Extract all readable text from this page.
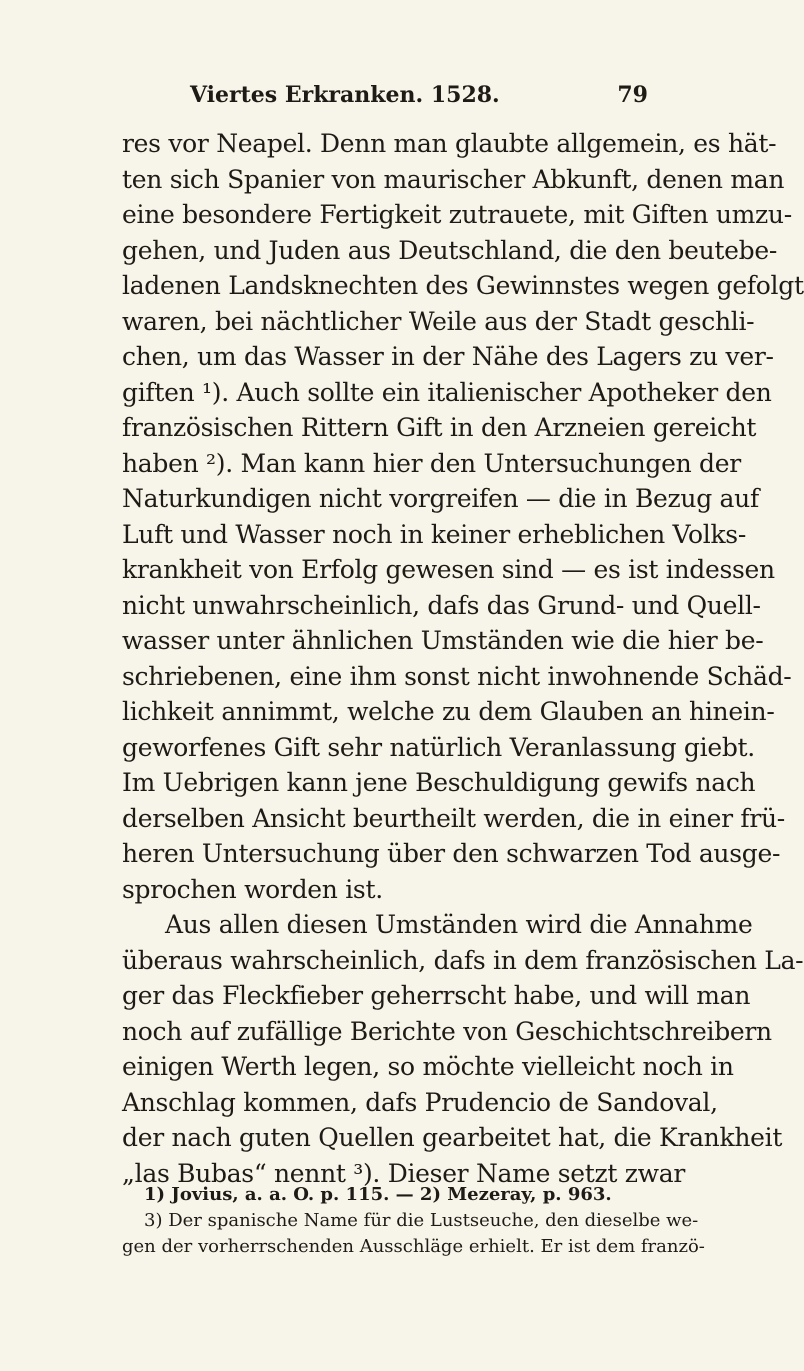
Viertes Erkranken. 1528.	79
res vor Neapel. Denn man glaubte allgemein, es hät-
ten sich Spanier von maurischer Abkunft, denen man
eine besondere Fertigkeit zutrauete, mit Giften umzu-
gehen, und Juden aus Deutschland, die den beutebe-
ladenen Landsknechten des Gewinnstes wegen gefolgt
waren, bei nächtlicher Weile aus der Stadt geschli-
chen, um das Wasser in der Nähe des Lagers zu ver-
giften ¹). Auch sollte ein italienischer Apotheker den
französischen Rittern Gift in den Arzneien gereicht
haben ²). Man kann hier den Untersuchungen der
Naturkundigen nicht vorgreifen — die in Bezug auf
Luft und Wasser noch in keiner erheblichen Volks-
krankheit von Erfolg gewesen sind — es ist indessen
nicht unwahrscheinlich, dafs das Grund- und Quell-
wasser unter ähnlichen Umständen wie die hier be-
schriebenen, eine ihm sonst nicht inwohnende Schäd-
lichkeit annimmt, welche zu dem Glauben an hinein-
geworfenes Gift sehr natürlich Veranlassung giebt.
Im Uebrigen kann jene Beschuldigung gewifs nach
derselben Ansicht beurtheilt werden, die in einer frü-
heren Untersuchung über den schwarzen Tod ausge-
sprochen worden ist.
Aus allen diesen Umständen wird die Annahme
überaus wahrscheinlich, dafs in dem französischen La-
ger das Fleckfieber geherrscht habe, und will man
noch auf zufällige Berichte von Geschichtschreibern
einigen Werth legen, so möchte vielleicht noch in
Anschlag kommen, dafs Prudencio de Sandoval,
der nach guten Quellen gearbeitet hat, die Krankheit
„las Bubas“ nennt ³). Dieser Name setzt zwar
1) Jovius, a. a. O. p. 115. — 2) Mezeray, p. 963.
3) Der spanische Name für die Lustseuche, den dieselbe we-
gen der vorherrschenden Ausschläge erhielt. Er ist dem franzö-
